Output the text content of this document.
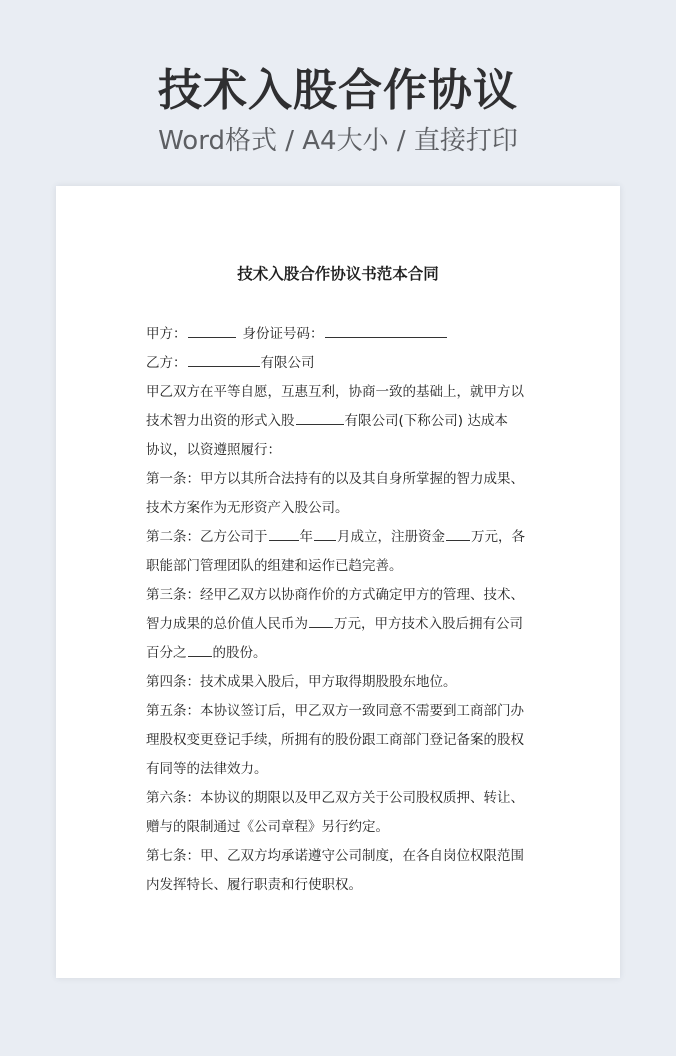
技术入股合作协议
Word格式 / A4大小 / 直接打印
技术入股合作协议书范本合同
甲方：	身份证号码：
乙方：	有限公司
甲乙双方在平等自愿，互惠互利，协商一致的基础上，就甲方以
技术智力出资的形式入股	有限公司(下称公司) 达成本
协议，以资遵照履行：
第一条：甲方以其所合法持有的以及其自身所掌握的智力成果、
技术方案作为无形资产入股公司。
第二条：乙方公司于 年 月成立，注册资金 万元，各
职能部门管理团队的组建和运作已趋完善。
第三条：经甲乙双方以协商作价的方式确定甲方的管理、技术、
智力成果的总价值人民币为 万元，甲方技术入股后拥有公司
百分之 的股份。
第四条：技术成果入股后，甲方取得期股股东地位。
第五条：本协议签订后，甲乙双方一致同意不需要到工商部门办
理股权变更登记手续，所拥有的股份跟工商部门登记备案的股权
有同等的法律效力。
第六条：本协议的期限以及甲乙双方关于公司股权质押、转让、
赠与的限制通过《公司章程》另行约定。
第七条：甲、乙双方均承诺遵守公司制度，在各自岗位权限范围
内发挥特长、履行职责和行使职权。
